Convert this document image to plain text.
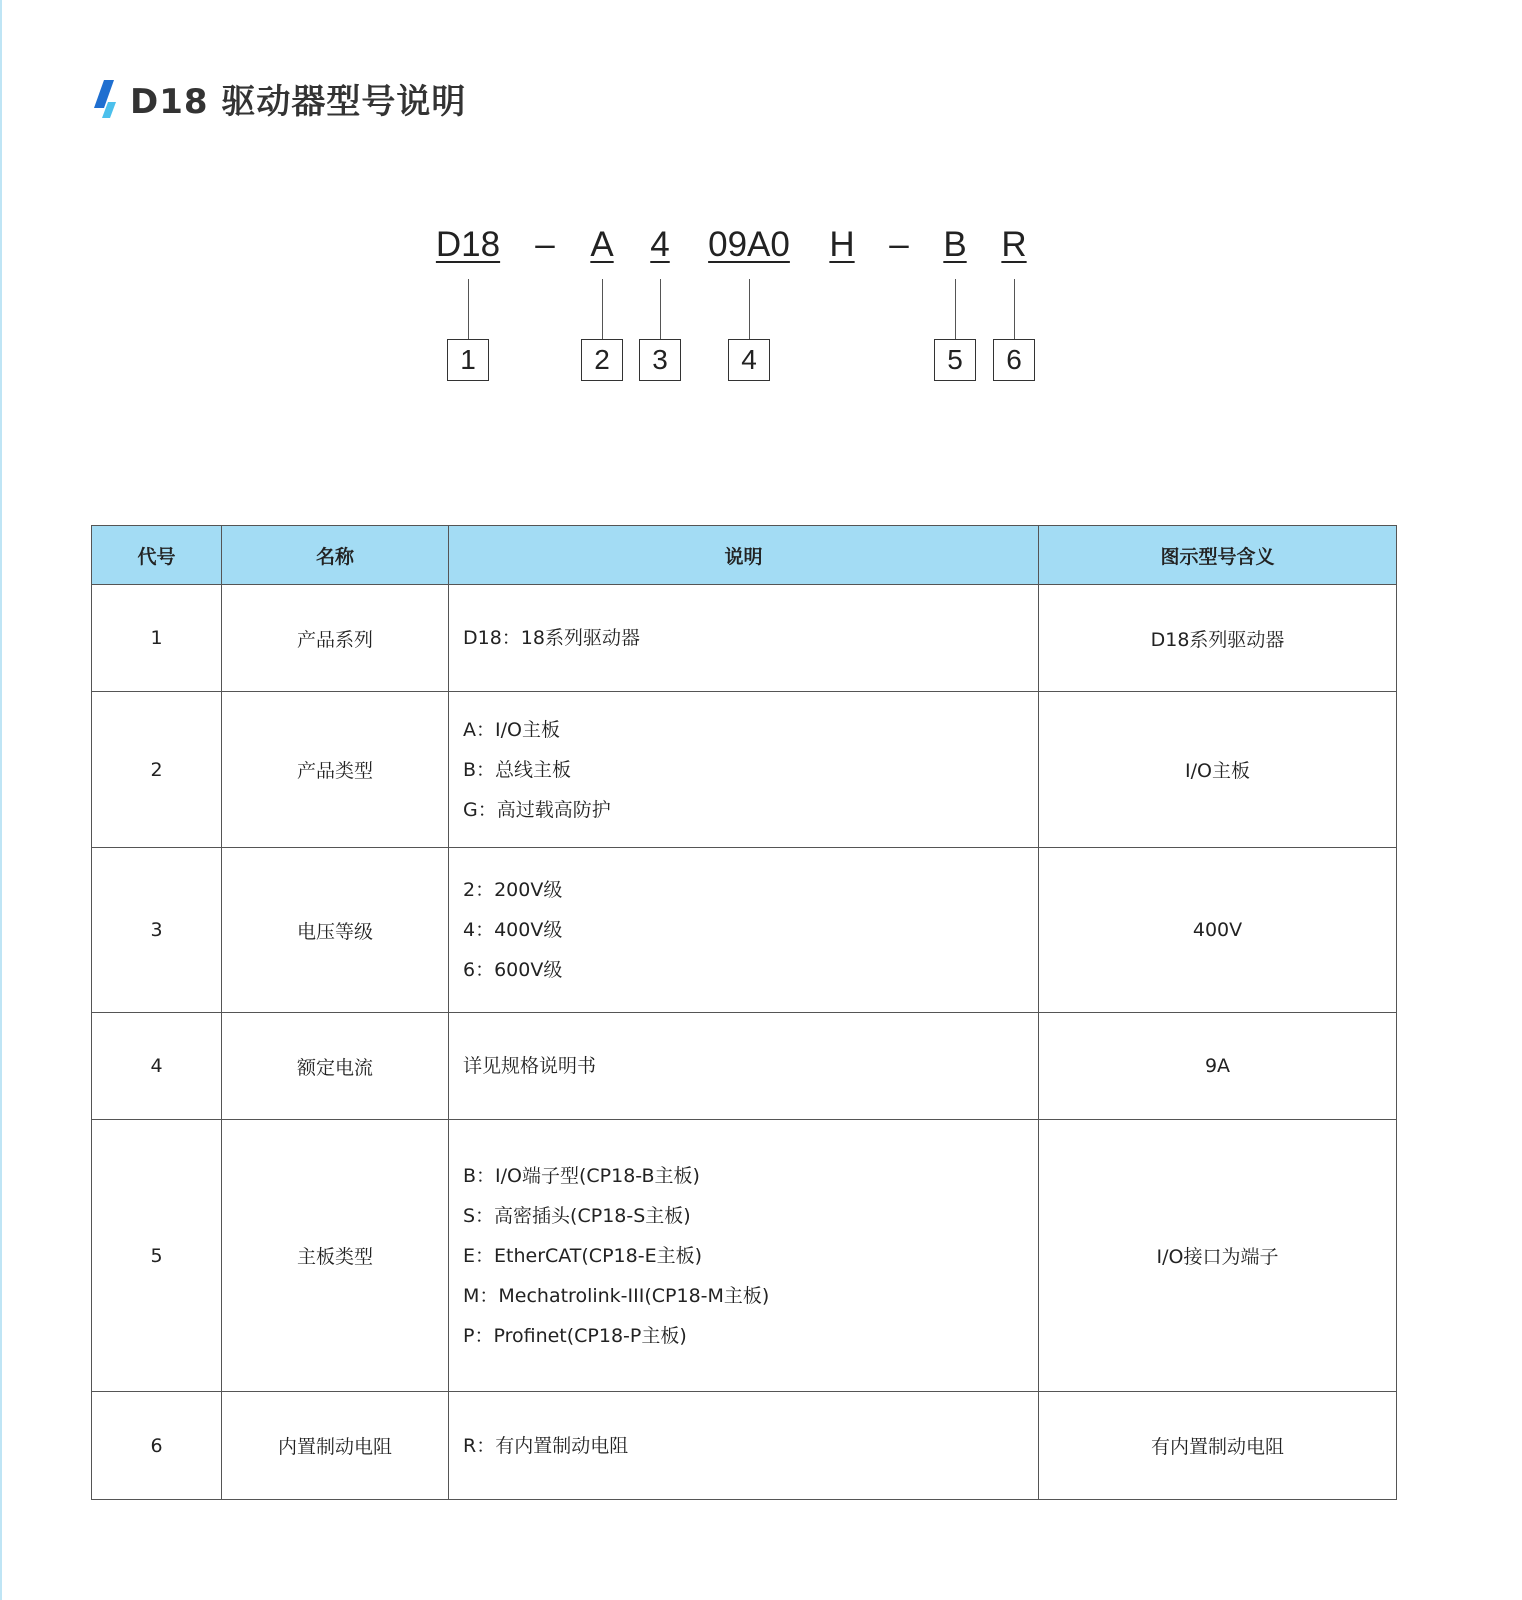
D18 驱动器型号说明
D18 – A 4 09A0 H – B R
1	2	3	4	5	6
代号	名称	说明	图示型号含义
1	产品系列	D18：18系列驱动器	D18系列驱动器
2	产品类型	A：I/O主板
B：总线主板
G：高过载高防护	I/O主板
3	电压等级	2：200V级
4：400V级
6：600V级	400V
4	额定电流	详见规格说明书	9A
5	主板类型	B：I/O端子型(CP18-B主板)
S：高密插头(CP18-S主板)
E：EtherCAT(CP18-E主板)
M：Mechatrolink-III(CP18-M主板)
P：Profinet(CP18-P主板)	I/O接口为端子
6	内置制动电阻	R：有内置制动电阻	有内置制动电阻
